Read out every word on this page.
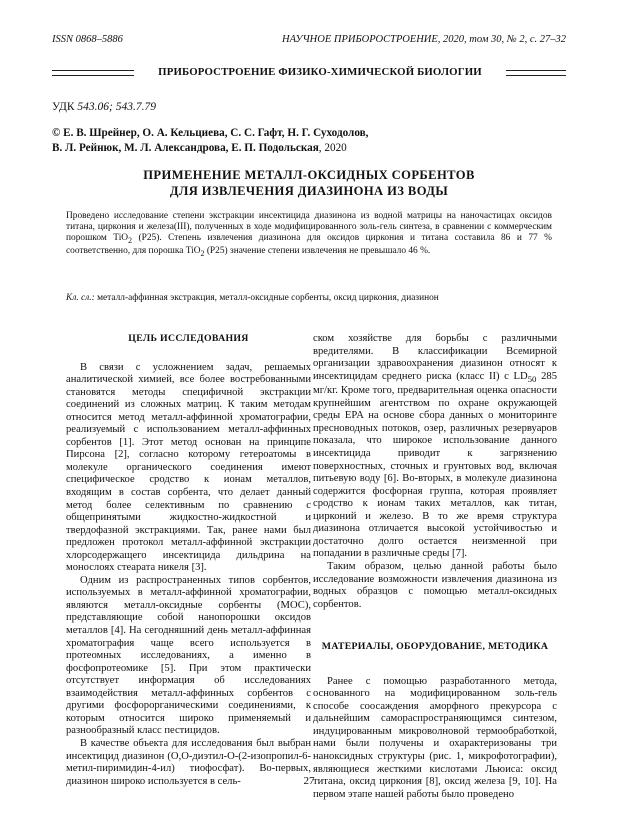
ISSN 0868–5886	НАУЧНОЕ ПРИБОРОСТРОЕНИЕ, 2020, том 30, № 2, c. 27–32
ПРИБОРОСТРОЕНИЕ ФИЗИКО-ХИМИЧЕСКОЙ БИОЛОГИИ
УДК 543.06; 543.7.79
© Е. В. Шрейнер, О. А. Кельциева, С. С. Гафт, Н. Г. Суходолов,
В. Л. Рейнюк, М. Л. Александрова, Е. П. Подольская, 2020
ПРИМЕНЕНИЕ МЕТАЛЛ-ОКСИДНЫХ СОРБЕНТОВ
ДЛЯ ИЗВЛЕЧЕНИЯ ДИАЗИНОНА ИЗ ВОДЫ
Проведено исследование степени экстракции инсектицида диазинона из водной матрицы на наночастицах оксидов титана, циркония и железа(III), полученных в ходе модифицированного золь-гель синтеза, в сравнении с коммерческим порошком TiO$_2$ (P25). Степень извлечения диазинона для оксидов циркония и титана составила 86 и 77 % соответственно, для порошка TiO$_2$ (P25) значение степени извлечения не превышало 46 %.
Кл. сл.: металл-аффинная экстракция, металл-оксидные сорбенты, оксид циркония, диазинон
ЦЕЛЬ ИССЛЕДОВАНИЯ

В связи с усложнением задач, решаемых аналитической химией, все более востребованными становятся методы специфичной экстракции соединений из сложных матриц. К таким методам относится метод металл-аффинной хроматографии, реализуемый с использованием металл-аффинных сорбентов [1]. Этот метод основан на принципе Пирсона [2], согласно которому гетероатомы в молекуле органического соединения имеют специфическое сродство к ионам металлов, входящим в состав сорбента, что делает данный метод более селективным по сравнению с общепринятыми жидкостно-жидкостной и твердофазной экстракциями. Так, ранее нами был предложен протокол металл-аффинной экстракции хлорсодержащего инсектицида дильдрина на монослоях стеарата никеля [3].

Одним из распространенных типов сорбентов, используемых в металл-аффинной хроматографии, являются металл-оксидные сорбенты (МОС), представляющие собой нанопорошки оксидов металлов [4]. На сегодняшний день металл-аффинная хроматография чаще всего используется в протеомных исследованиях, а именно в фосфопротеомике [5]. При этом практически отсутствует информация об исследованиях взаимодействия металл-аффинных сорбентов с другими фосфорорганическими соединениями, к которым относится широко применяемый и разнообразный класс пестицидов.

В качестве объекта для исследования был выбран инсектицид диазинон (О,О-диэтил-О-(2-изопропил-6-метил-пиримидин-4-ил) тиофосфат). Во-первых, диазинон широко используется в сель-

ском хозяйстве для борьбы с различными вредителями. В классификации Всемирной организации здравоохранения диазинон относят к инсектицидам среднего риска (класс II) с $LD_{50}$ 285 мг/кг. Кроме того, предварительная оценка опасности крупнейшим агентством по охране окружающей среды EPA на основе сбора данных о мониторинге пресноводных потоков, озер, различных резервуаров показала, что широкое использование данного инсектицида приводит к загрязнению поверхностных, сточных и грунтовых вод, включая питьевую воду [6]. Во-вторых, в молекуле диазинона содержится фосфорная группа, которая проявляет сродство к ионам таких металлов, как титан, цирконий и железо. В то же время структура диазинона отличается высокой устойчивостью и достаточно долго остается неизменной при попадании в различные среды [7].

Таким образом, целью данной работы было исследование возможности извлечения диазинона из водных образцов с помощью металл-оксидных сорбентов.

МАТЕРИАЛЫ, ОБОРУДОВАНИЕ, МЕТОДИКА

Ранее с помощью разработанного метода, основанного на модифицированном золь-гель способе соосаждения аморфного прекурсора с дальнейшим самораспространяющимся синтезом, индуцированным микроволновой термообработкой, нами были получены и охарактеризованы три наноксидных структуры (рис. 1, микрофотографии), являющиеся жесткими кислотами Льюиса: оксид титана, оксид циркония [8], оксид железа [9, 10]. На первом этапе нашей работы было проведено

27
